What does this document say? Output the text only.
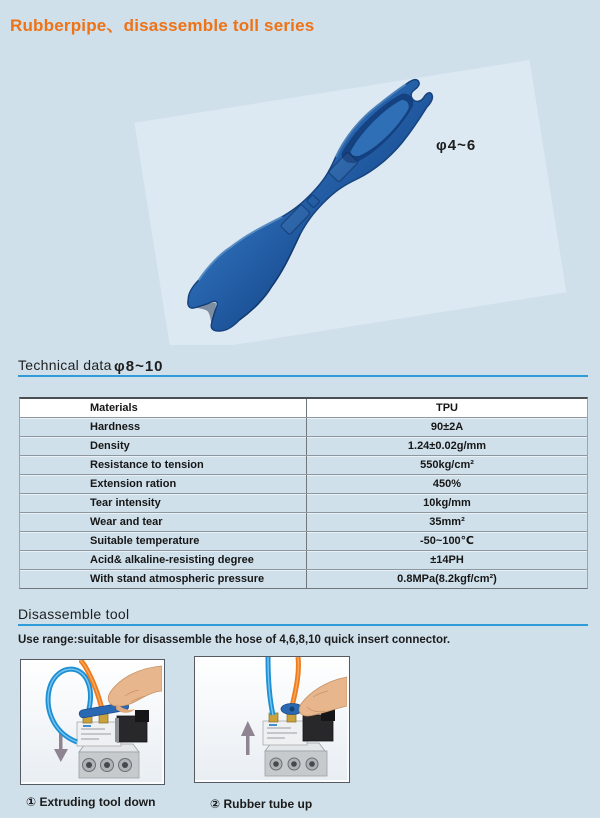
Rubberpipe、disassemble toll series
φ4~6
φ8~10
Technical data
Materials	TPU
Hardness	90±2A
Density	1.24±0.02g/mm
Resistance to tension	550kg/cm²
Extension ration	450%
Tear intensity	10kg/mm
Wear and tear	35mm²
Suitable temperature	-50~100℃
Acid& alkaline-resisting degree	±14PH
With stand atmospheric pressure	0.8MPa(8.2kgf/cm²)
Disassemble tool
Use range:suitable for disassemble the hose of 4,6,8,10 quick insert connector.
① Extruding tool down	② Rubber tube up
